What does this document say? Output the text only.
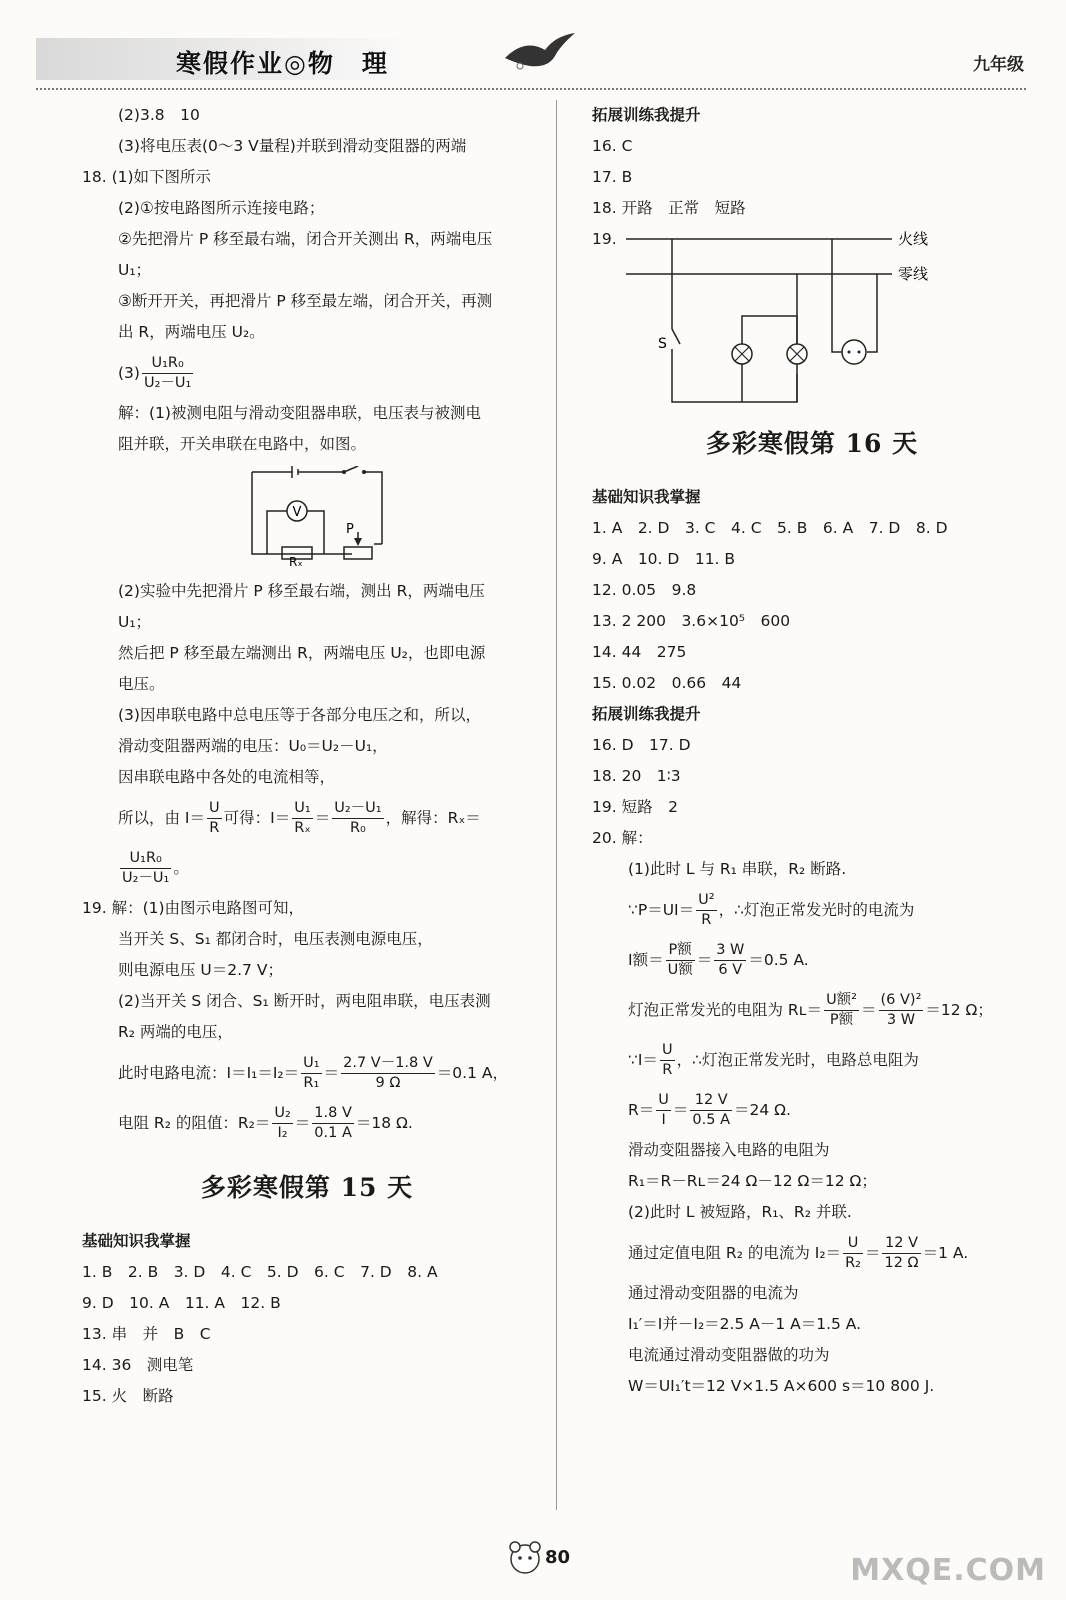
寒假作业◎物　理	九年级
(2)3.8　10
(3)将电压表(0～3 V量程)并联到滑动变阻器的两端
18. (1)如下图所示
(2)①按电路图所示连接电路；
②先把滑片 P 移至最右端，闭合开关测出 R，两端电压
U₁；
③断开开关，再把滑片 P 移至最左端，闭合开关，再测
出 R，两端电压 U₂。
$(3) \frac{\text{U₁R₀}}{\text{U₂－U₁}}$
解：(1)被测电阻与滑动变阻器串联，电压表与被测电
阻并联，开关串联在电路中，如图。
V
P
Rₓ
(2)实验中先把滑片 P 移至最右端，测出 R，两端电压
U₁；
然后把 P 移至最左端测出 R，两端电压 U₂，也即电源
电压。
(3)因串联电路中总电压等于各部分电压之和，所以，
滑动变阻器两端的电压：U₀＝U₂－U₁，
因串联电路中各处的电流相等，
所以，由 $I= \frac{U}{R}$ 可得：$I= \frac{\text{U₁}}{\text{Rₓ}} = \frac{\text{U₂－U₁}}{\text{R₀}}$ ，解得：Rₓ＝
$\frac{\text{U₁R₀}}{\text{U₂－U₁}}$ 。
19. 解：(1)由图示电路图可知，
当开关 S、S₁ 都闭合时，电压表测电源电压，
则电源电压 U＝2.7 V；
(2)当开关 S 闭合、S₁ 断开时，两电阻串联，电压表测
R₂ 两端的电压，
此时电路电流：$I=I_1=I_2= \frac{\text{U₁}}{\text{R₁}} = \frac{2.7 V-1.8 V}{9 \Omega} =0.1$ A，
电阻 R₂ 的阻值：$R_2= \frac{\text{U₂}}{\text{I₂}} = \frac{1.8 V}{0.1 A} =18$ Ω.
多彩寒假第 15 天
基础知识我掌握
1. B　2. B　3. D　4. C　5. D　6. C　7. D　8. A
9. D　10. A　11. A　12. B
13. 串　并　B　C
14. 36　测电笔
15. 火　断路
拓展训练我提升
16. C
17. B
18. 开路　正常　短路
19.	火线
零线
S
多彩寒假第 16 天
基础知识我掌握
1. A　2. D　3. C　4. C　5. B　6. A　7. D　8. D
9. A　10. D　11. B
12. 0.05　9.8
13. 2 200　3.6×10⁵　600
14. 44　275
15. 0.02　0.66　44
拓展训练我提升
16. D　17. D
18. 20　1∶3
19. 短路　2
20. 解：
(1)此时 L 与 R₁ 串联，R₂ 断路.
∵P＝UI＝ $\frac{\text{U²}}{R}$ ，∴灯泡正常发光时的电流为
I额＝ $\frac{\text{P额}}{\text{U额}} = \frac{3 W}{6 V} =0.5$ A.
灯泡正常发光的电阻为 Rʟ＝ $\frac{\text{U额²}}{\text{P额}} = \frac{\text{(6 V)²}}{3 W} =12$ Ω；
∵I＝ $\frac{U}{R}$ ，∴灯泡正常发光时，电路总电阻为
$R= \frac{U}{I} = \frac{12 V}{0.5 A} =24$ Ω.
滑动变阻器接入电路的电阻为
R₁＝R－Rʟ＝24 Ω－12 Ω＝12 Ω；
(2)此时 L 被短路，R₁、R₂ 并联.
通过定值电阻 R₂ 的电流为 $I_2= \frac{U}{\text{R₂}} = \frac{12 V}{12 \Omega} =1$ A.
通过滑动变阻器的电流为
I₁′＝I并－I₂＝2.5 A－1 A＝1.5 A.
电流通过滑动变阻器做的功为
W＝UI₁′t＝12 V×1.5 A×600 s＝10 800 J.
80	MXQE.COM
